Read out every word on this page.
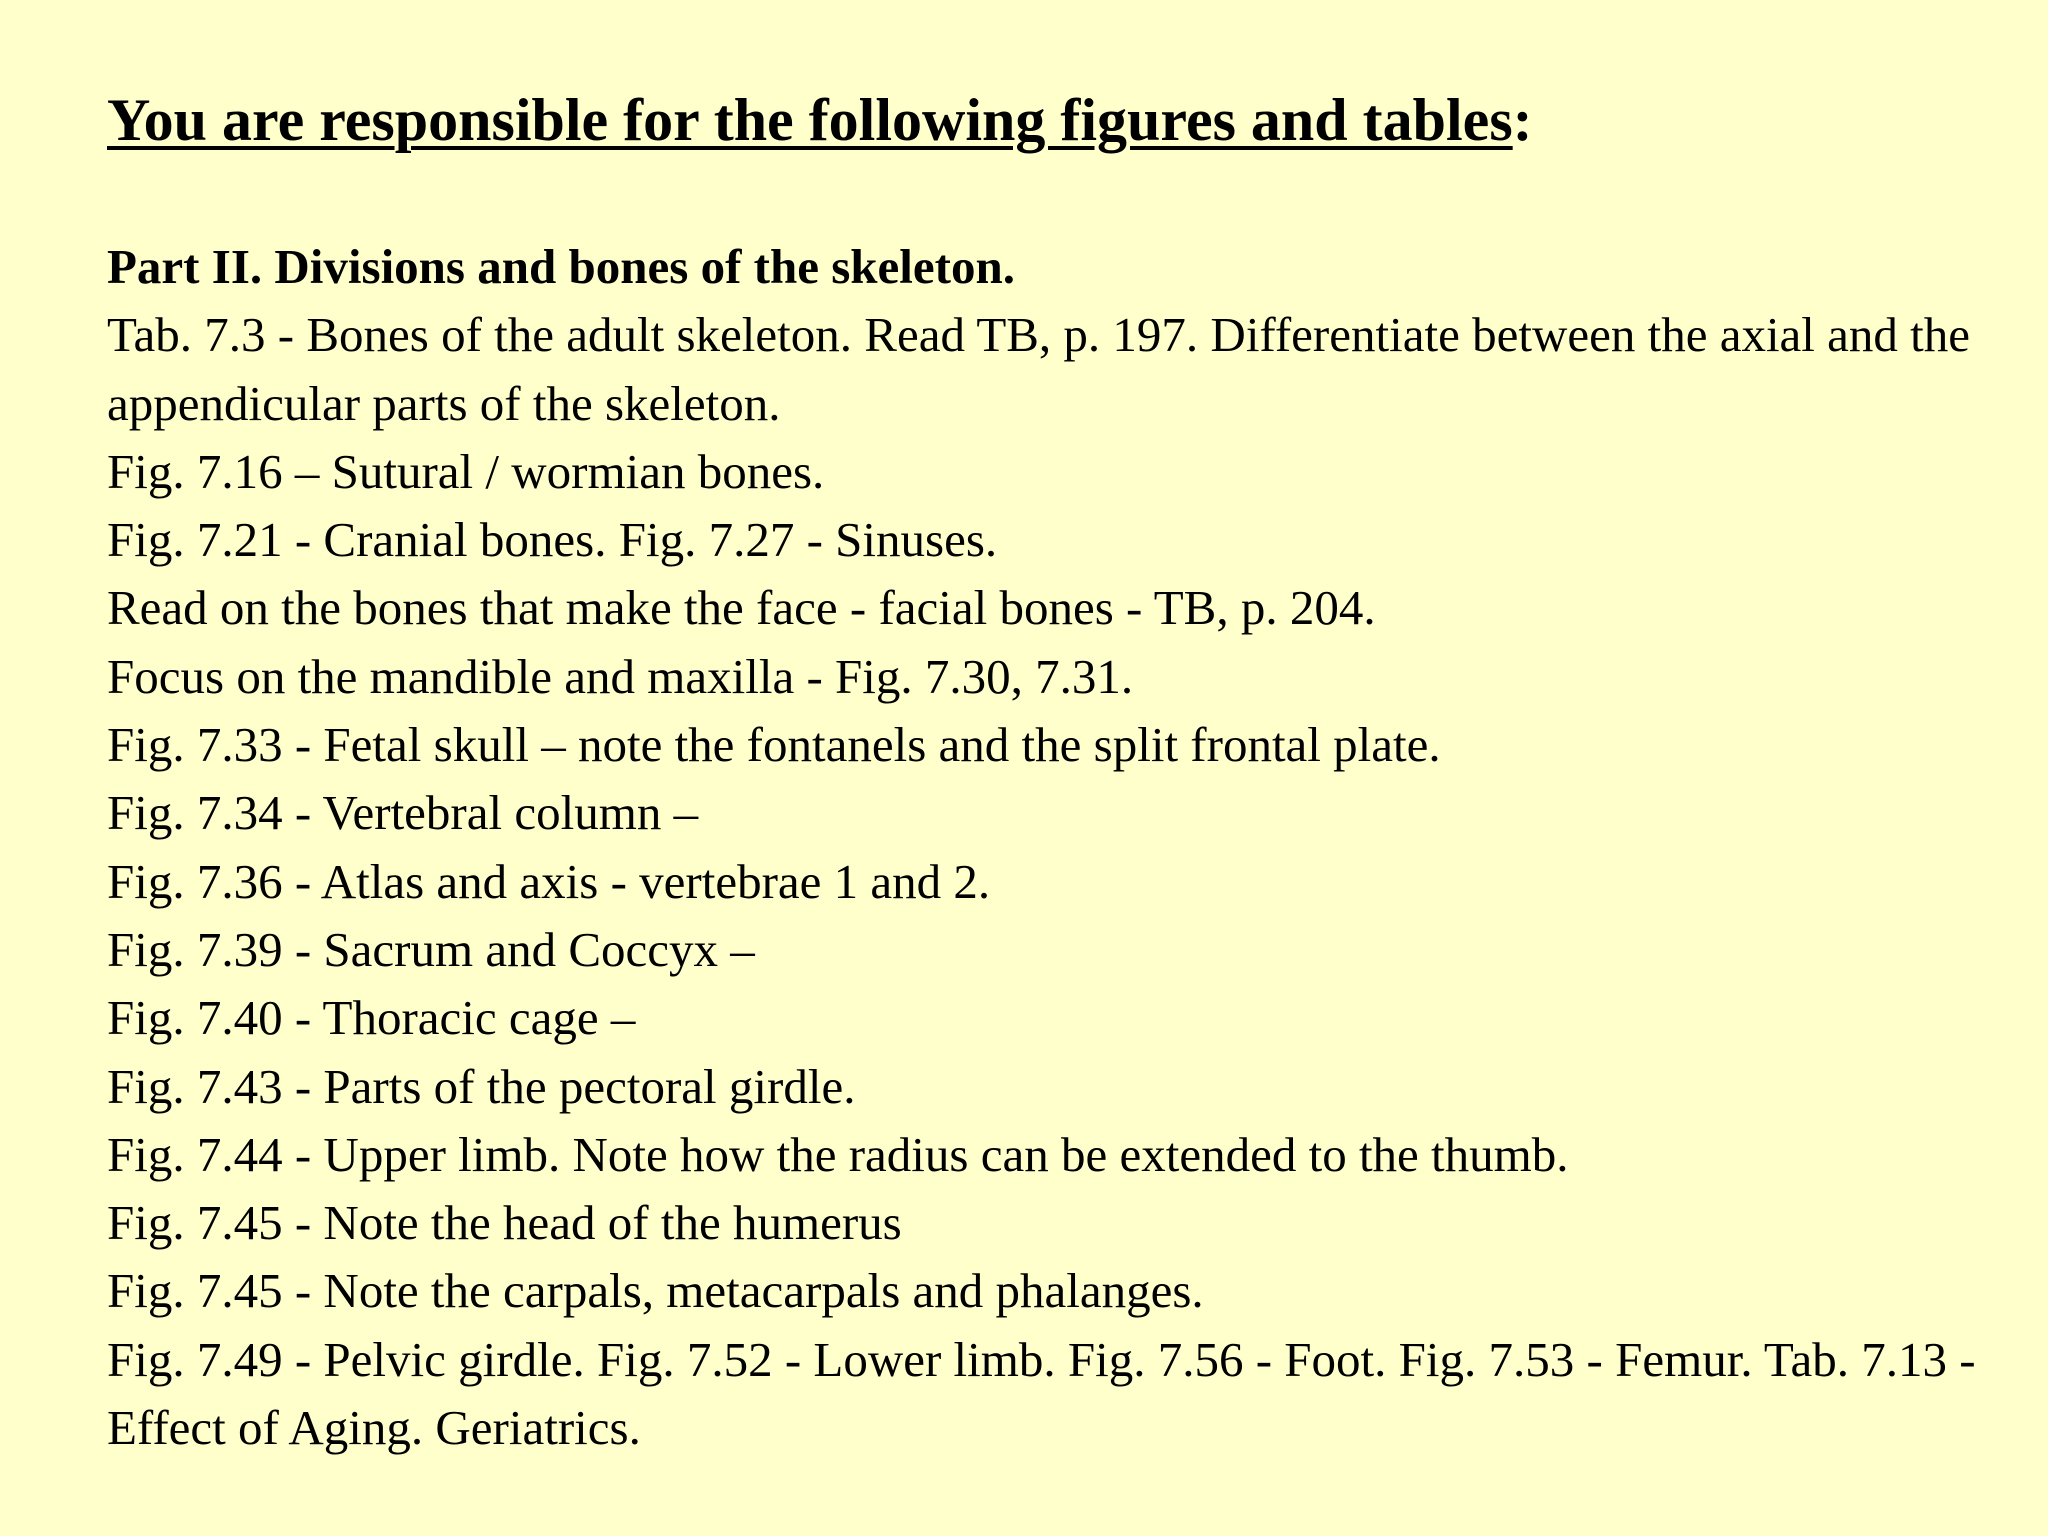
You are responsible for the following figures and tables:
Part II. Divisions and bones of the skeleton.
Tab. 7.3 - Bones of the adult skeleton. Read TB, p. 197. Differentiate between the axial and the appendicular parts of the skeleton.
Fig. 7.16 – Sutural / wormian bones.
Fig. 7.21 - Cranial bones. Fig. 7.27 - Sinuses.
Read on the bones that make the face - facial bones - TB, p. 204.
Focus on the mandible and maxilla - Fig. 7.30, 7.31.
Fig. 7.33 - Fetal skull – note the fontanels and the split frontal plate.
Fig. 7.34 - Vertebral column –
Fig. 7.36 - Atlas and axis - vertebrae 1 and 2.
Fig. 7.39 - Sacrum and Coccyx –
Fig. 7.40 - Thoracic cage –
Fig. 7.43 - Parts of the pectoral girdle.
Fig. 7.44 - Upper limb. Note how the radius can be extended to the thumb.
Fig. 7.45 - Note the head of the humerus
Fig. 7.45 - Note the carpals, metacarpals and phalanges.
Fig. 7.49 - Pelvic girdle. Fig. 7.52 - Lower limb. Fig. 7.56 - Foot. Fig. 7.53 - Femur. Tab. 7.13 - Effect of Aging. Geriatrics.
